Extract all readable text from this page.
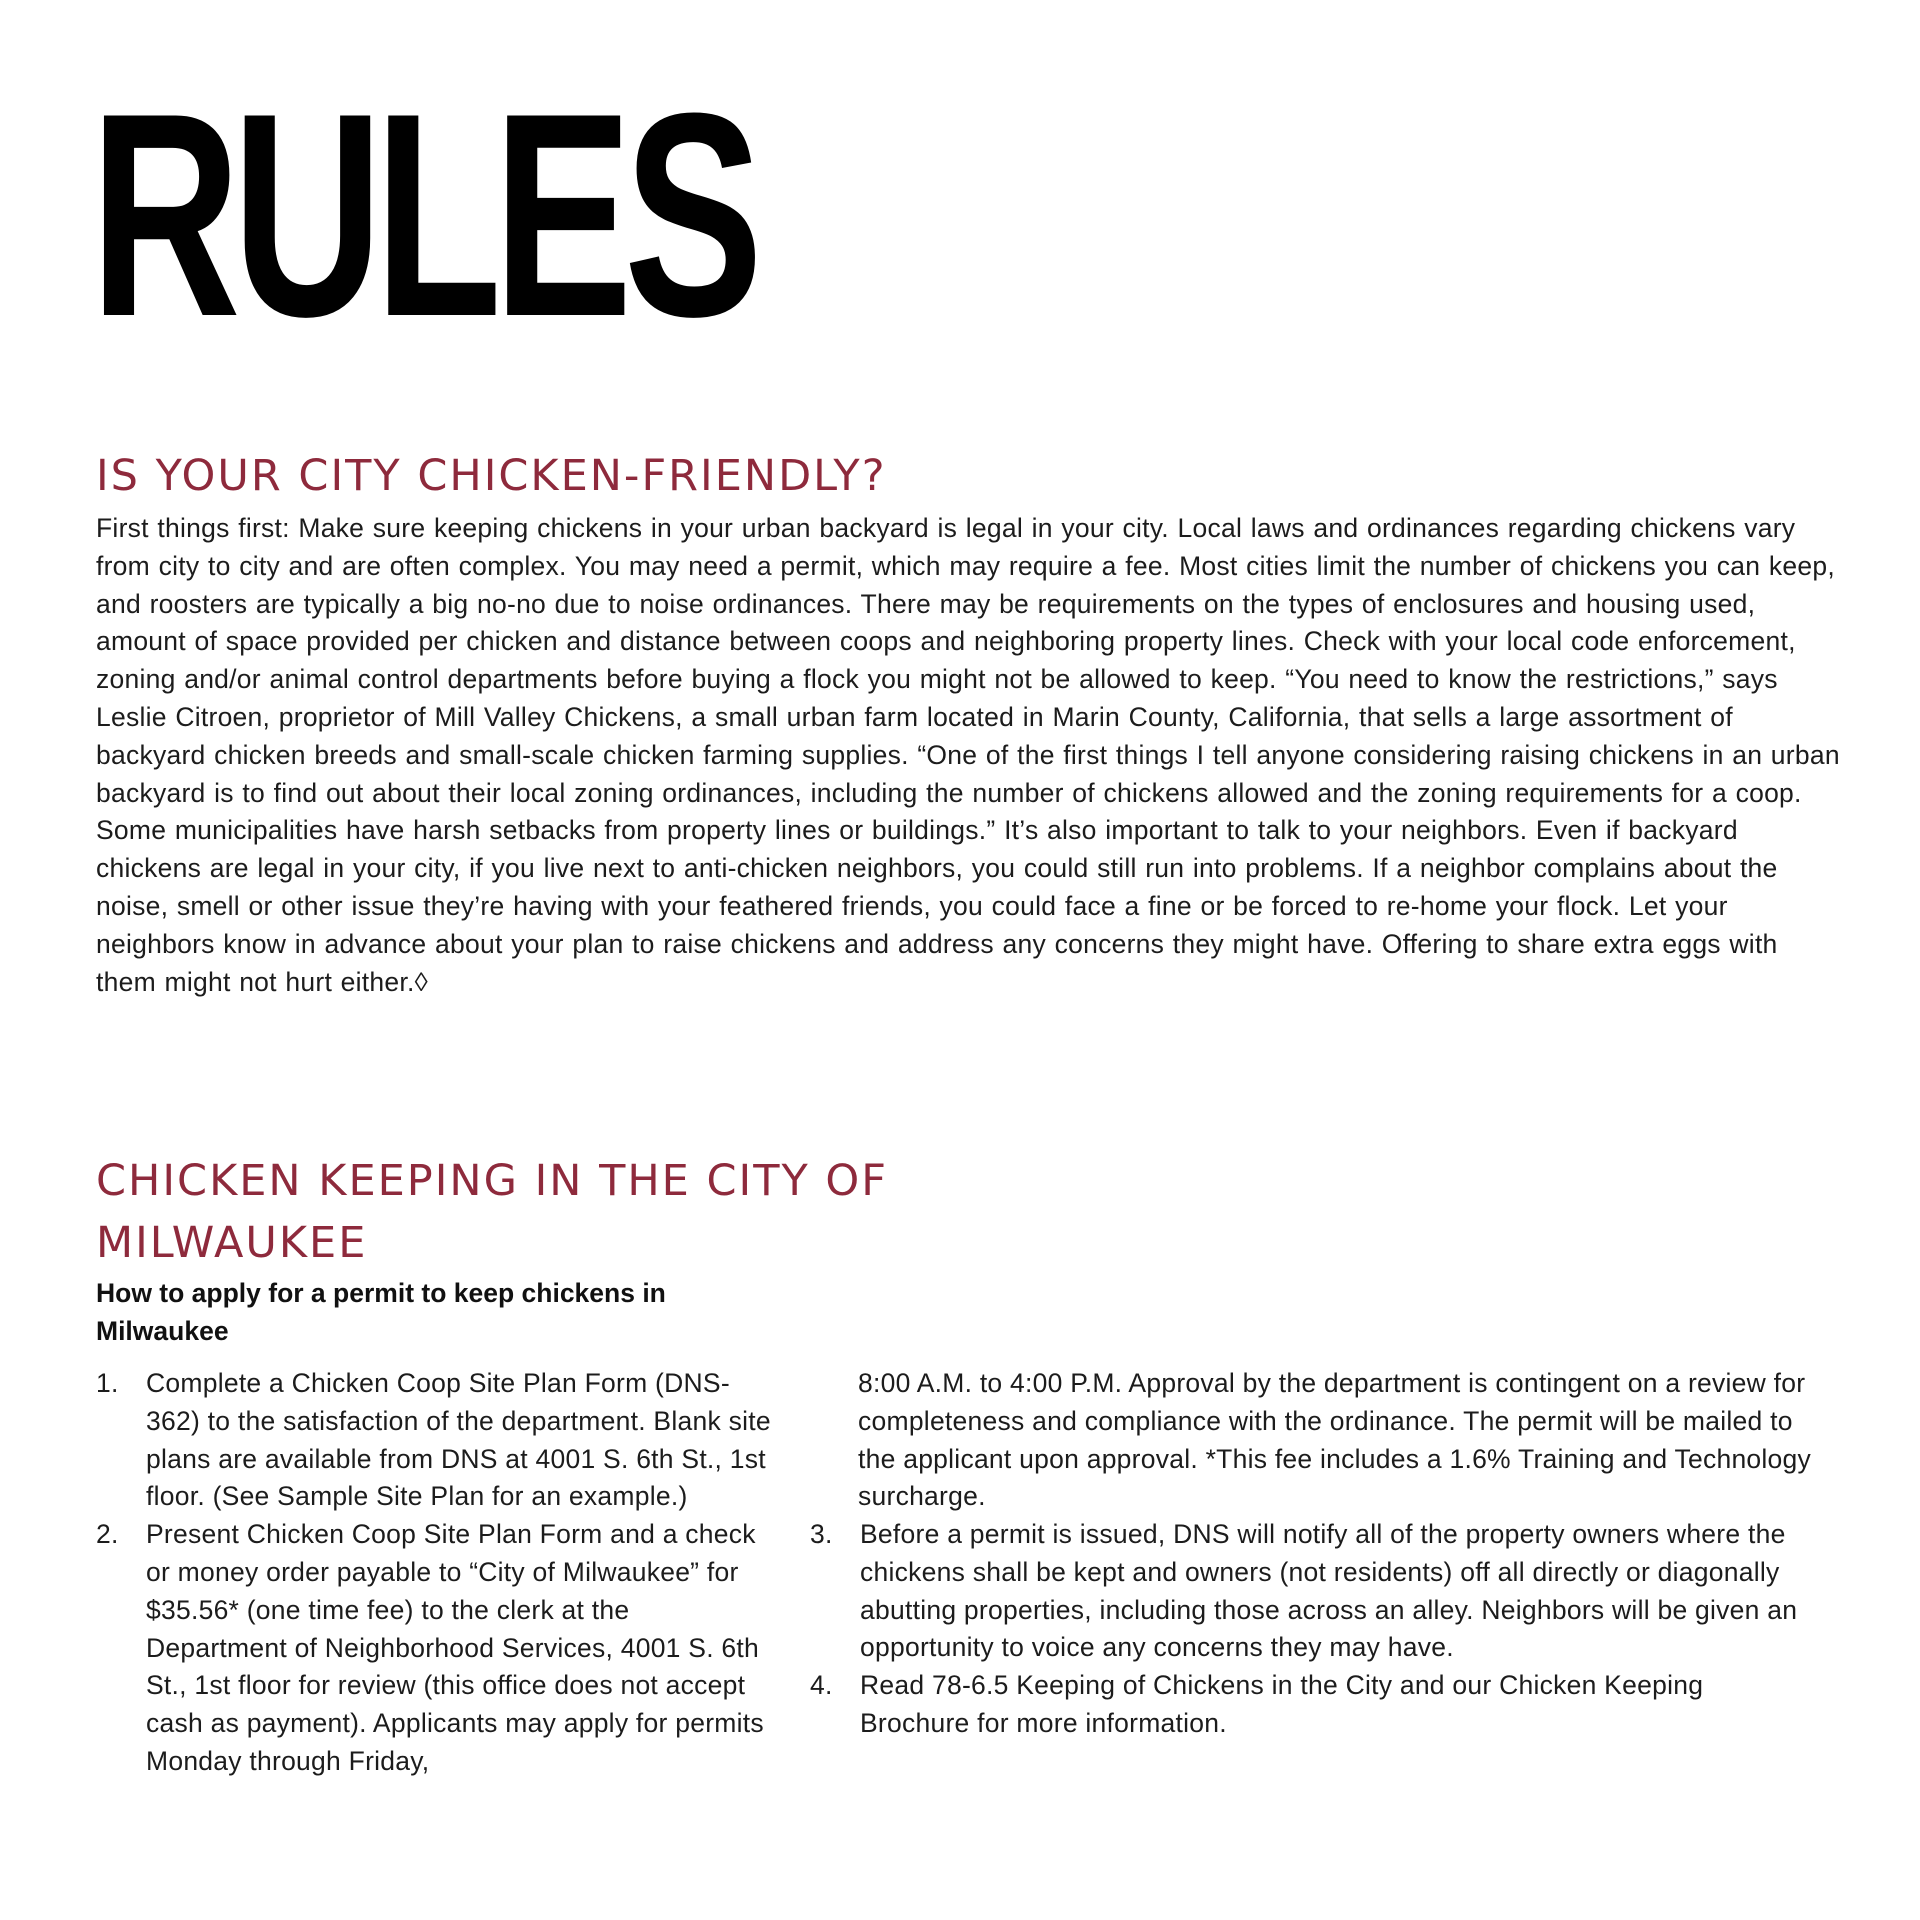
RULES
IS YOUR CITY CHICKEN-FRIENDLY?

First things first: Make sure keeping chickens in your urban backyard is legal in your city. Local laws and ordinances regarding chickens vary from city to city and are often complex. You may need a permit, which may require a fee. Most cities limit the number of chickens you can keep, and roosters are typically a big no-no due to noise ordinances. There may be requirements on the types of enclosures and housing used, amount of space provided per chicken and distance between coops and neighboring property lines. Check with your local code enforcement, zoning and/or animal control departments before buying a flock you might not be allowed to keep. “You need to know the restrictions,” says Leslie Citroen, proprietor of Mill Valley Chickens, a small urban farm located in Marin County, California, that sells a large assortment of backyard chicken breeds and small-scale chicken farming supplies. “One of the first things I tell anyone considering raising chickens in an urban backyard is to find out about their local zoning ordinances, including the number of chickens allowed and the zoning requirements for a coop. Some municipalities have harsh setbacks from property lines or buildings.” It’s also important to talk to your neighbors. Even if backyard chickens are legal in your city, if you live next to anti-chicken neighbors, you could still run into problems. If a neighbor complains about the noise, smell or other issue they’re having with your feathered friends, you could face a fine or be forced to re-home your flock. Let your neighbors know in advance about your plan to raise chickens and address any concerns they might have. Offering to share extra eggs with them might not hurt either.◊

CHICKEN KEEPING IN THE CITY OF MILWAUKEE

How to apply for a permit to keep chickens in Milwaukee

1. Complete a Chicken Coop Site Plan Form (DNS-362) to the satisfaction of the department. Blank site plans are available from DNS at 4001 S. 6th St., 1st floor. (See Sample Site Plan for an example.)
2. Present Chicken Coop Site Plan Form and a check or money order payable to “City of Milwaukee” for $35.56* (one time fee) to the clerk at the Department of Neighborhood Services, 4001 S. 6th St., 1st floor for review (this office does not accept cash as payment). Applicants may apply for permits Monday through Friday,

8:00 A.M. to 4:00 P.M. Approval by the department is contingent on a review for completeness and compliance with the ordinance. The permit will be mailed to the applicant upon approval. *This fee includes a 1.6% Training and Technology surcharge.

3. Before a permit is issued, DNS will notify all of the property owners where the chickens shall be kept and owners (not residents) off all directly or diagonally abutting properties, including those across an alley. Neighbors will be given an opportunity to voice any concerns they may have.
4. Read 78-6.5 Keeping of Chickens in the City and our Chicken Keeping Brochure for more information.
